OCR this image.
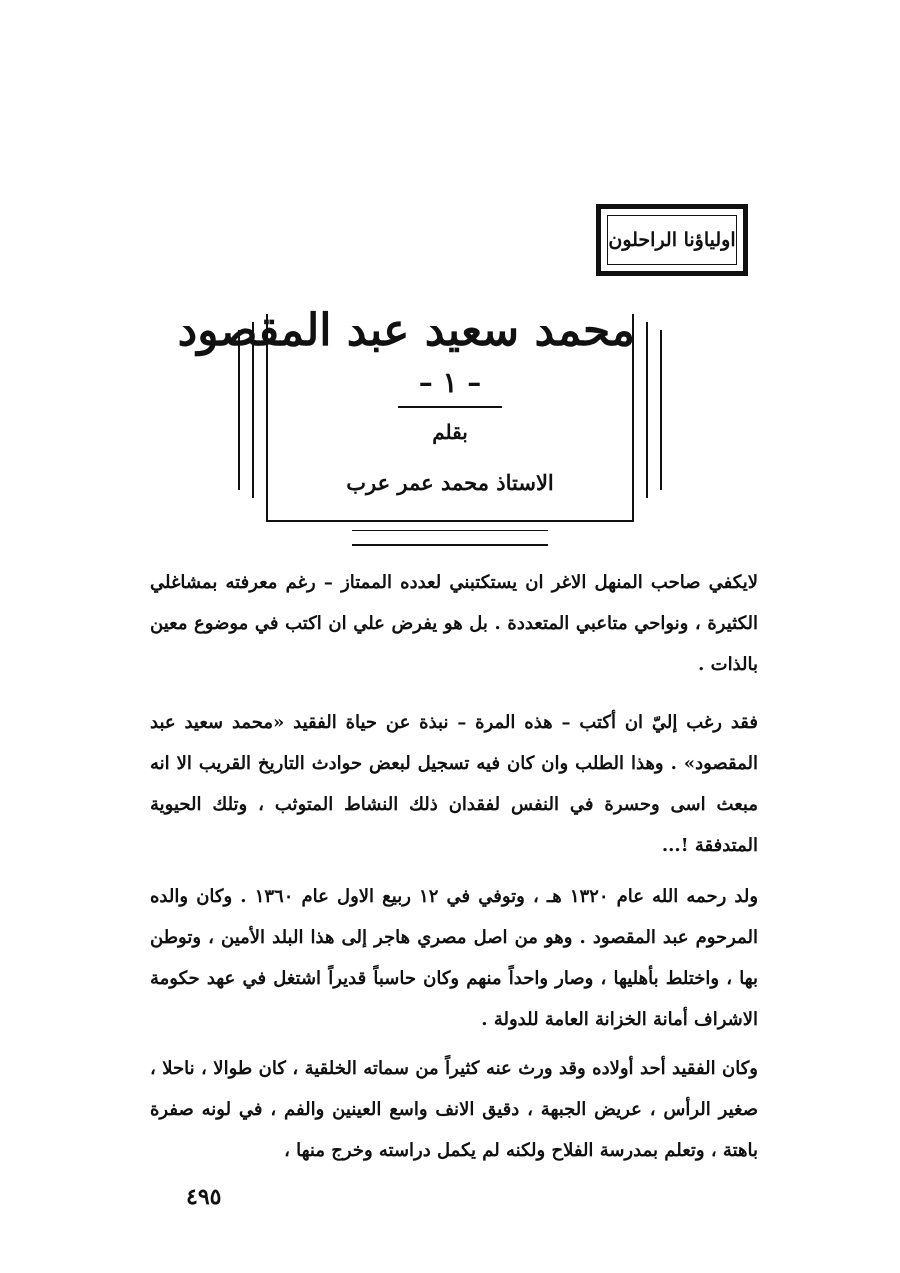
اولياؤنا الراحلون
محمد سعيد عبد المقصود
– ١ –
بقلم
الاستاذ محمد عمر عرب

لايكفي صاحب المنهل الاغر ان يستكتبني لعدده الممتاز – رغم معرفته بمشاغلي الكثيرة ، ونواحي متاعبي المتعددة . بل هو يفرض علي ان اكتب في موضوع معين بالذات .

فقد رغب إليّ ان أكتب – هذه المرة – نبذة عن حياة الفقيد «محمد سعيد عبد المقصود» . وهذا الطلب وان كان فيه تسجيل لبعض حوادث التاريخ القريب الا انه مبعث اسى وحسرة في النفس لفقدان ذلك النشاط المتوثب ، وتلك الحيوية المتدفقة !...

ولد رحمه الله عام ١٣٢٠ هـ ، وتوفي في ١٢ ربيع الاول عام ١٣٦٠ . وكان والده المرحوم عبد المقصود . وهو من اصل مصري هاجر إلى هذا البلد الأمين ، وتوطن بها ، واختلط بأهليها ، وصار واحداً منهم وكان حاسباً قديراً اشتغل في عهد حكومة الاشراف أمانة الخزانة العامة للدولة .

وكان الفقيد أحد أولاده وقد ورث عنه كثيراً من سماته الخلقية ، كان طوالا ، ناحلا ، صغير الرأس ، عريض الجبهة ، دقيق الانف واسع العينين والفم ، في لونه صفرة باهتة ، وتعلم بمدرسة الفلاح ولكنه لم يكمل دراسته وخرج منها ،

٤٩٥
